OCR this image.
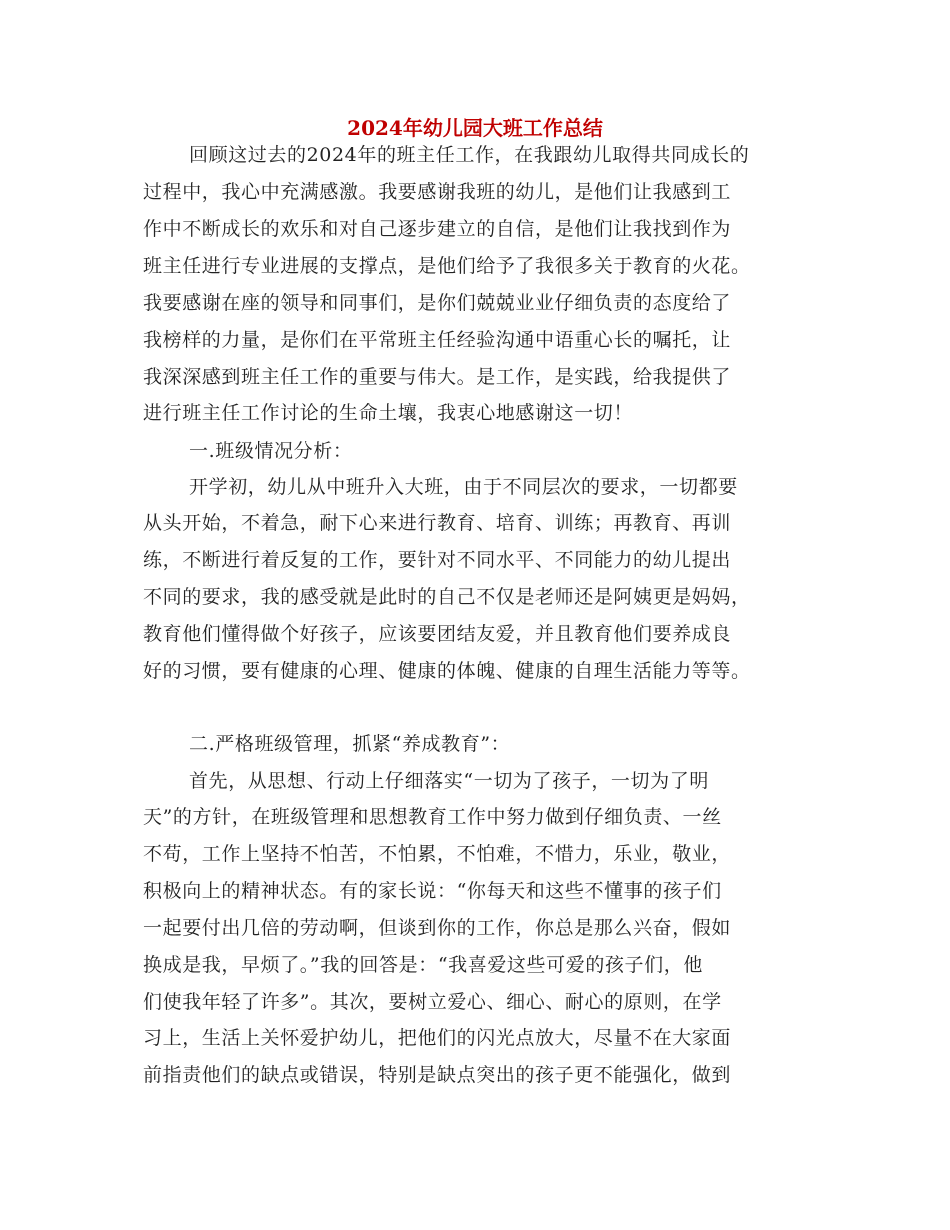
2024年幼儿园大班工作总结

回顾这过去的2024年的班主任工作，在我跟幼儿取得共同成长的

过程中，我心中充满感激。我要感谢我班的幼儿，是他们让我感到工

作中不断成长的欢乐和对自己逐步建立的自信，是他们让我找到作为

班主任进行专业进展的支撑点，是他们给予了我很多关于教育的火花。

我要感谢在座的领导和同事们，是你们兢兢业业仔细负责的态度给了

我榜样的力量，是你们在平常班主任经验沟通中语重心长的嘱托，让

我深深感到班主任工作的重要与伟大。是工作，是实践，给我提供了

进行班主任工作讨论的生命土壤，我衷心地感谢这一切！

一.班级情况分析：

开学初，幼儿从中班升入大班，由于不同层次的要求，一切都要

从头开始，不着急，耐下心来进行教育、培育、训练；再教育、再训

练，不断进行着反复的工作，要针对不同水平、不同能力的幼儿提出

不同的要求，我的感受就是此时的自己不仅是老师还是阿姨更是妈妈，

教育他们懂得做个好孩子，应该要团结友爱，并且教育他们要养成良

好的习惯，要有健康的心理、健康的体魄、健康的自理生活能力等等。

二.严格班级管理，抓紧“养成教育”：

首先，从思想、行动上仔细落实“一切为了孩子，一切为了明

天”的方针，在班级管理和思想教育工作中努力做到仔细负责、一丝

不苟，工作上坚持不怕苦，不怕累，不怕难，不惜力，乐业，敬业，

积极向上的精神状态。有的家长说：“你每天和这些不懂事的孩子们

一起要付出几倍的劳动啊，但谈到你的工作，你总是那么兴奋，假如

换成是我，早烦了。”我的回答是：“我喜爱这些可爱的孩子们，他

们使我年轻了许多”。其次，要树立爱心、细心、耐心的原则，在学

习上，生活上关怀爱护幼儿，把他们的闪光点放大，尽量不在大家面

前指责他们的缺点或错误，特别是缺点突出的孩子更不能强化，做到
